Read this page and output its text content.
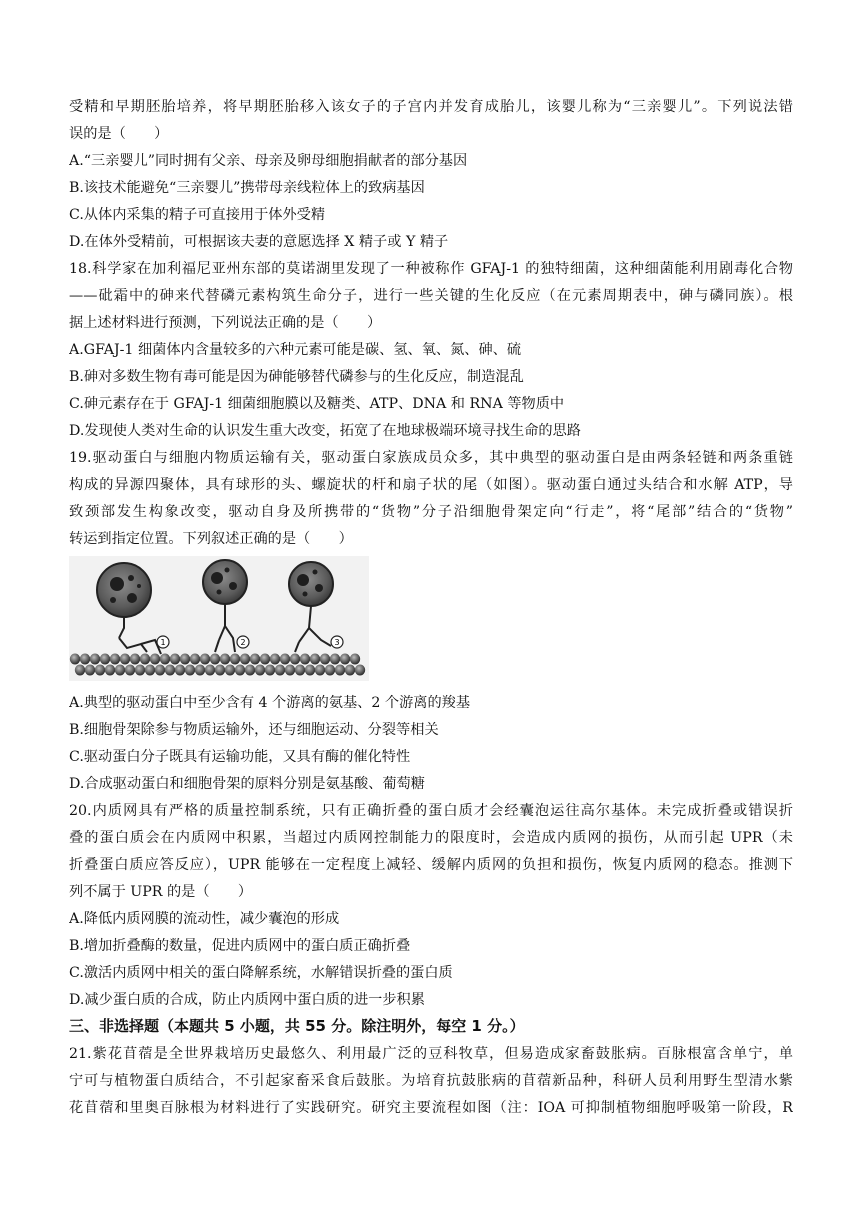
受精和早期胚胎培养，将早期胚胎移入该女子的子宫内并发育成胎儿，该婴儿称为“三亲婴儿”。下列说法错
误的是（　　）
A.“三亲婴儿”同时拥有父亲、母亲及卵母细胞捐献者的部分基因
B.该技术能避免“三亲婴儿”携带母亲线粒体上的致病基因
C.从体内采集的精子可直接用于体外受精
D.在体外受精前，可根据该夫妻的意愿选择 X 精子或 Y 精子
18.科学家在加利福尼亚州东部的莫诺湖里发现了一种被称作 GFAJ-1 的独特细菌，这种细菌能利用剧毒化合物
——砒霜中的砷来代替磷元素构筑生命分子，进行一些关键的生化反应（在元素周期表中，砷与磷同族）。根
据上述材料进行预测，下列说法正确的是（　　）
A.GFAJ-1 细菌体内含量较多的六种元素可能是碳、氢、氧、氮、砷、硫
B.砷对多数生物有毒可能是因为砷能够替代磷参与的生化反应，制造混乱
C.砷元素存在于 GFAJ-1 细菌细胞膜以及糖类、ATP、DNA 和 RNA 等物质中
D.发现使人类对生命的认识发生重大改变，拓宽了在地球极端环境寻找生命的思路
19.驱动蛋白与细胞内物质运输有关，驱动蛋白家族成员众多，其中典型的驱动蛋白是由两条轻链和两条重链
构成的异源四聚体，具有球形的头、螺旋状的杆和扇子状的尾（如图）。驱动蛋白通过头结合和水解 ATP，导
致颈部发生构象改变，驱动自身及所携带的“货物”分子沿细胞骨架定向“行走”，将“尾部”结合的“货物”
转运到指定位置。下列叙述正确的是（　　）
1	2	3
A.典型的驱动蛋白中至少含有 4 个游离的氨基、2 个游离的羧基
B.细胞骨架除参与物质运输外，还与细胞运动、分裂等相关
C.驱动蛋白分子既具有运输功能，又具有酶的催化特性
D.合成驱动蛋白和细胞骨架的原料分别是氨基酸、葡萄糖
20.内质网具有严格的质量控制系统，只有正确折叠的蛋白质才会经囊泡运往高尔基体。未完成折叠或错误折
叠的蛋白质会在内质网中积累，当超过内质网控制能力的限度时，会造成内质网的损伤，从而引起 UPR（未
折叠蛋白质应答反应），UPR 能够在一定程度上减轻、缓解内质网的负担和损伤，恢复内质网的稳态。推测下
列不属于 UPR 的是（　　）
A.降低内质网膜的流动性，减少囊泡的形成
B.增加折叠酶的数量，促进内质网中的蛋白质正确折叠
C.激活内质网中相关的蛋白降解系统，水解错误折叠的蛋白质
D.减少蛋白质的合成，防止内质网中蛋白质的进一步积累
三、非选择题（本题共 5 小题，共 55 分。除注明外，每空 1 分。）
21.紫花苜蓿是全世界栽培历史最悠久、利用最广泛的豆科牧草，但易造成家畜鼓胀病。百脉根富含单宁，单
宁可与植物蛋白质结合，不引起家畜采食后鼓胀。为培育抗鼓胀病的苜蓿新品种，科研人员利用野生型清水紫
花苜蓿和里奥百脉根为材料进行了实践研究。研究主要流程如图（注：IOA 可抑制植物细胞呼吸第一阶段，R
